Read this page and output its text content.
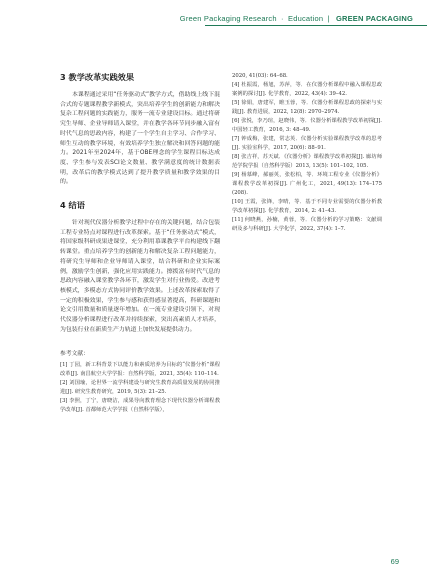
Green Packaging Research · Education | GREEN PACKAGING
3 教学改革实践效果

本课程通过采用“任务驱动式”教学方式，借助线上线下混合式的专题课程教学新模式，突出培养学生的创新能力和解决复杂工程问题的实践能力，服务一流专业建设目标。通过将研究生导师、企业导师请入课堂，并在教学各环节同步融入富有时代气息的思政内容，构建了一个学生自主学习、合作学习、师生互动的教学环境，有效培养学生独立解决和回答问题的能力。2021年至2024年，基于OBE理念的学生课程目标达成度、学生参与发表SCI论文数量、教学满意度的统计数据表明，改革后的教学模式达到了提升教学质量和教学效果的目的。

4 结语

针对现代仪器分析教学过程中存在的关键问题，结合包装工程专业特点对课程进行改革探索。基于“任务驱动式”模式，将国家级科研成果进课堂，充分利用慕课教学平台构建线下翻转课堂。重点培养学生的创新能力和解决复杂工程问题能力，将研究生导师和企业导师请入课堂，结合科研和企业实际案例，激励学生创新，强化应用实践能力。擦拨富有时代气息的思政内容融入课堂教学各环节，激发学生对行业热爱。改进考核模式，多模态方式协同评价教学效果。上述改革探索取得了一定的积极效果，学生参与感和获得感显著提高，科研课题和论文引用数量和质量逐年增加。在一流专业建设引领下，对现代仪器分析课程进行改革并持续探索，突出高素质人才培养，为包装行业在新质生产力轨道上加快发展提供动力。

参考文献：

[1] 丁园，新工科背景下以能力和素质培养为目标的“仪器分析”课程改革[J]. 南昌航空大学学报：自然科学版，2021, 35(4): 110–114.

[2] 刘国瑜，论世界一流学科建设与研究生教育高质量发展的协同推进[J]. 研究生教育研究，2019, 5(3): 21–25.

[3] 李照，丁宁，唐晓洁，成果导向教育理念下现代仪器分析课程教学改革[J]. 首都师范大学学报（自然科学版），

2020, 41(03): 64–68.

[4] 杜振霞，杨旭，苏萍，等．在仪器分析课程中融入课程思政案例的探讨[J]. 化学教育，2022, 43(4): 39–42.

[5] 徐娟，唐建军，睢玉蓉，等．仪器分析课程思政的探索与实践[J]. 教育进展，2022, 12(8): 2970–2974.

[6] 张悦，李乃瑄，赵晓伟，等．仪器分析课程教学改革初探[J]. 中国轻工教育，2016, 3: 48–49.

[7] 钟成梅，张建，常志英．仪器分析实验课程教学改革的思考[J]. 实验室科学，2017, 20(6): 88–91.

[8] 张吉祥，苏天斌．《仪器分析》课程教学改革初探[J]. 廊坊师范学院学报（自然科学版）2013, 13(5): 101–102, 105.

[9] 杨慕峰，郝丽英，张松柏，等．环境工程专业《仪器分析》课程教学改革初探[J]. 广州化工，2021, 49(13): 174–175 (208).

[10] 王霞，张锋，李晴，等．基于不同专业需要的仪器分析教学改革初探[J]. 化学教育，2014, 2: 41–43.

[11] 何晓燕，孙楠，黄蓉，等．仪器分析的学习策略：文献调研及多与科研[J]. 大学化学，2022, 37(4): 1–7.

69
